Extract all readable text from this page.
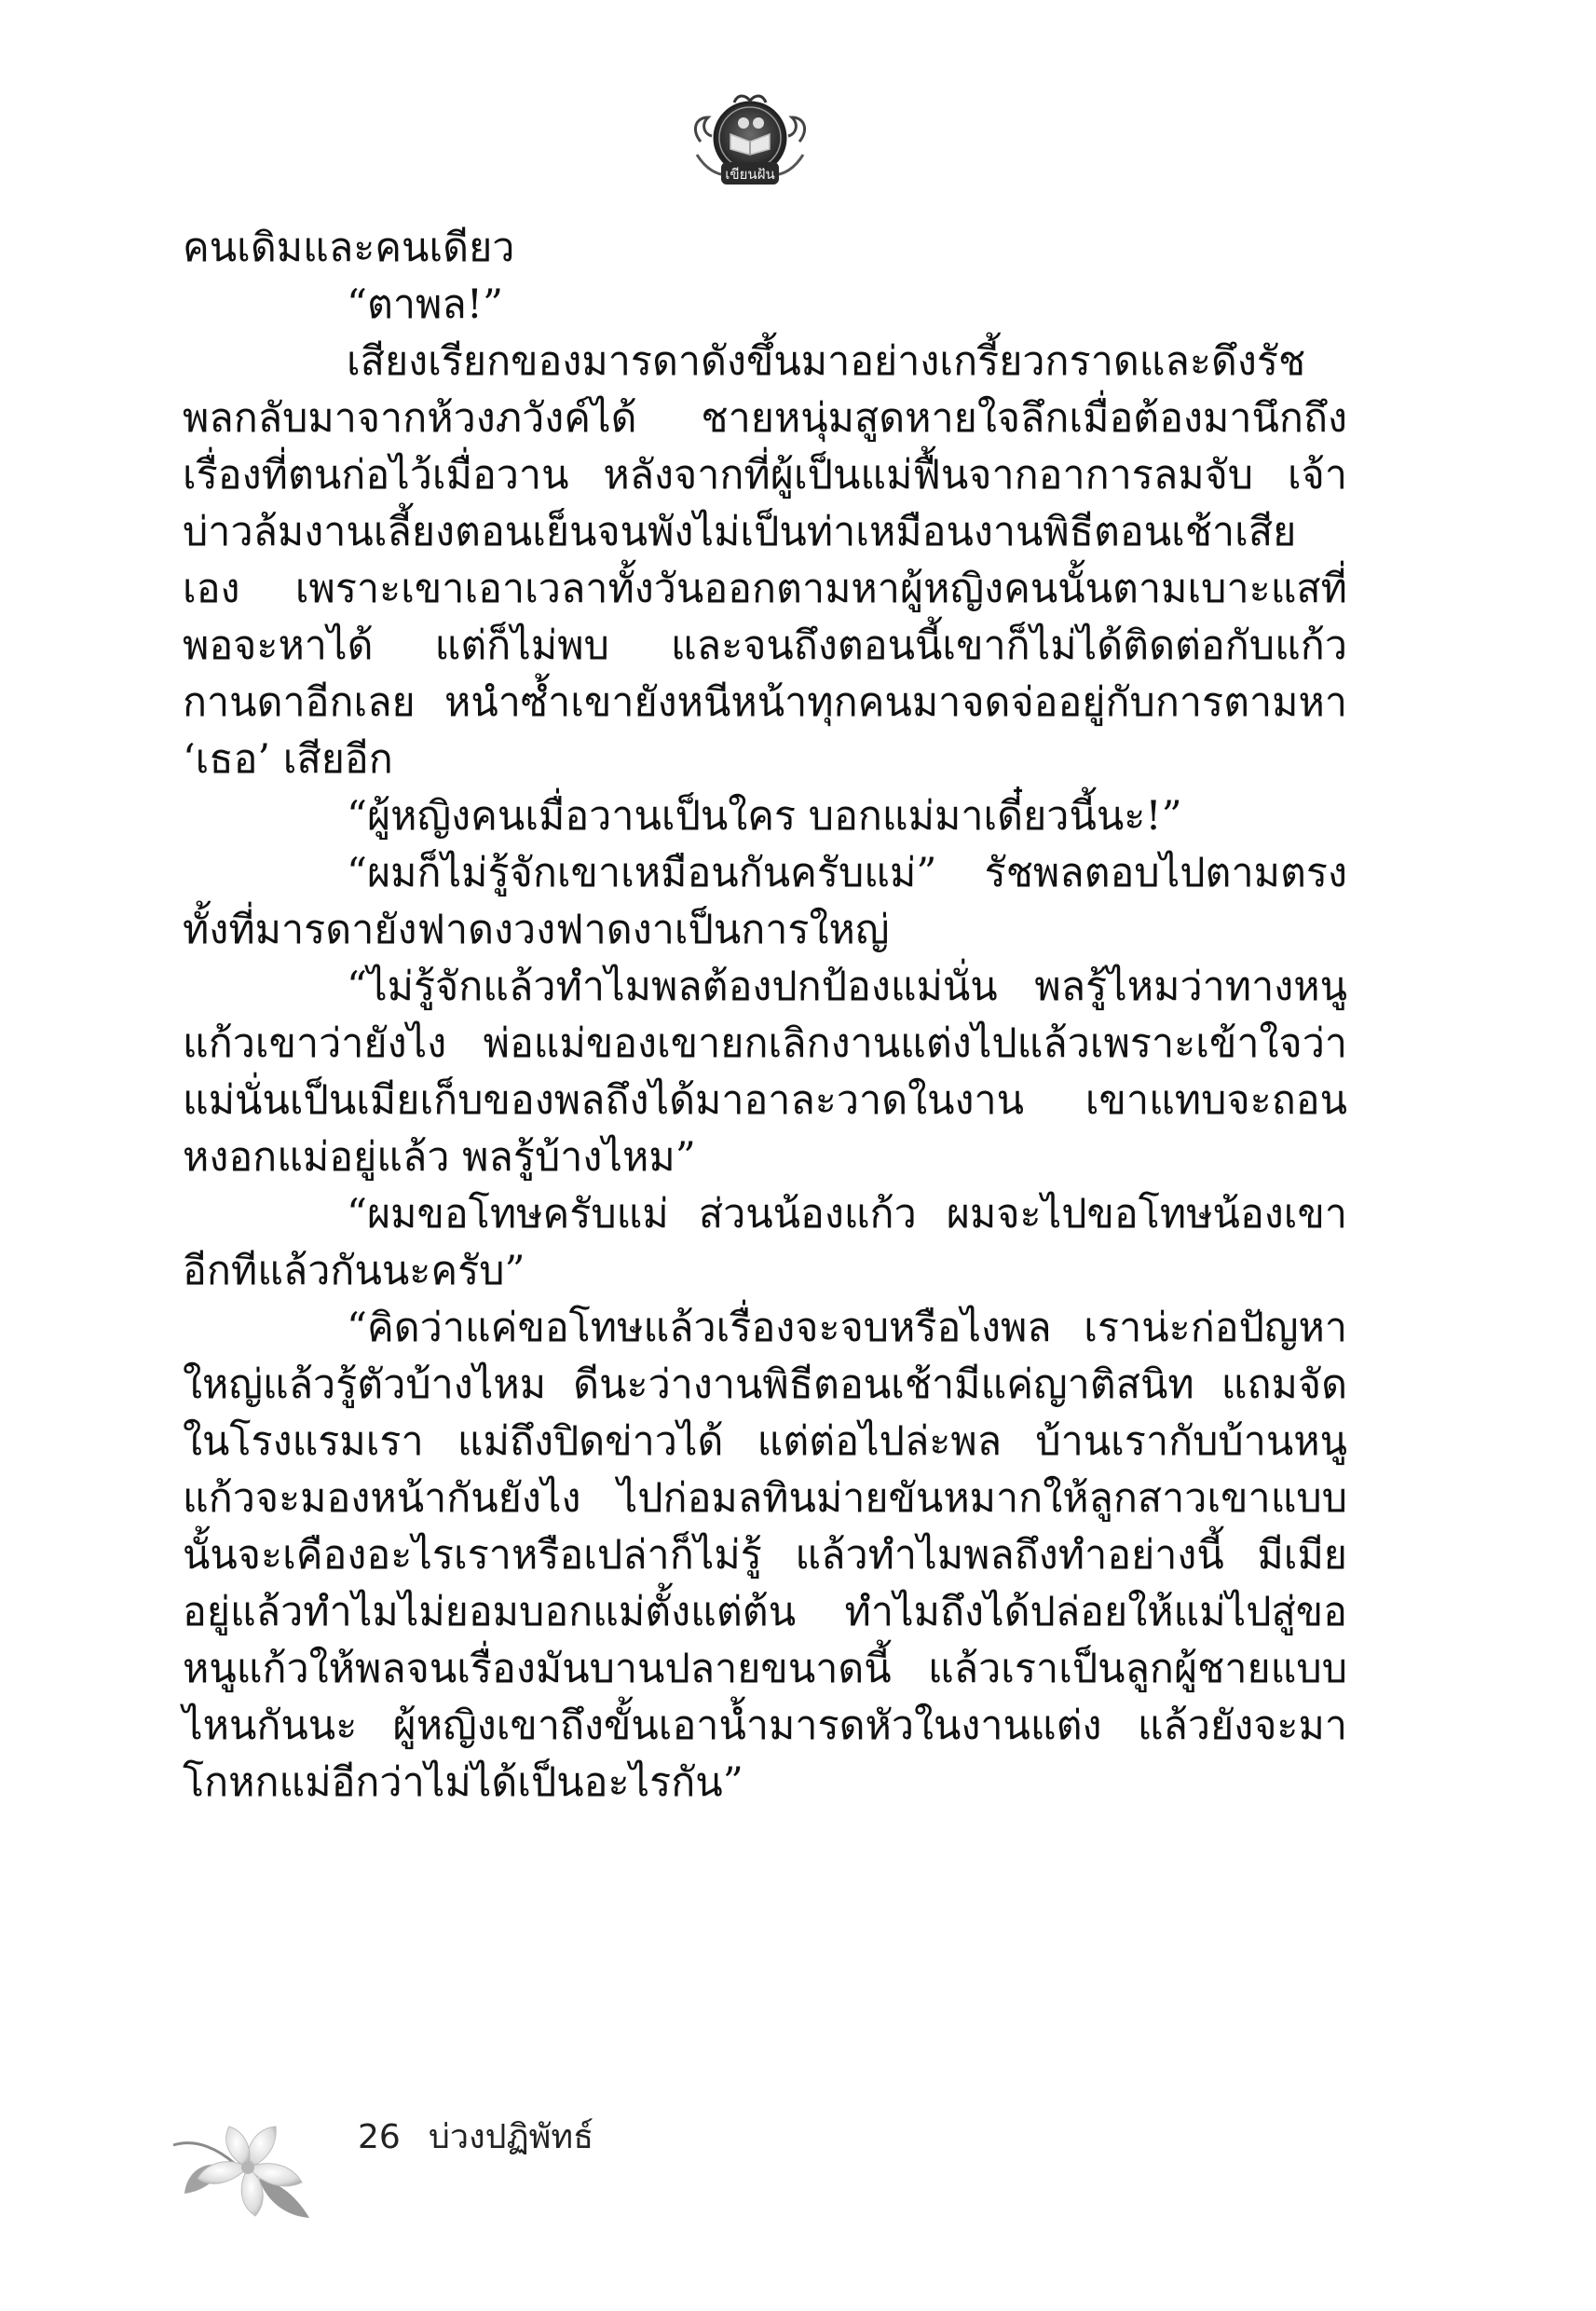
เขียนฝัน

คนเดิมและคนเดียว

“ตาพล!”

เสียงเรียกของมารดาดังขึ้นมาอย่างเกรี้ยวกราดและดึงรัชพลกลับมาจากห้วงภวังค์ได้ ชายหนุ่มสูดหายใจลึกเมื่อต้องมานึกถึงเรื่องที่ตนก่อไว้เมื่อวาน หลังจากที่ผู้เป็นแม่ฟื้นจากอาการลมจับ เจ้าบ่าวล้มงานเลี้ยงตอนเย็นจนพังไม่เป็นท่าเหมือนงานพิธีตอนเช้าเสียเอง เพราะเขาเอาเวลาทั้งวันออกตามหาผู้หญิงคนนั้นตามเบาะแสที่พอจะหาได้ แต่ก็ไม่พบ และจนถึงตอนนี้เขาก็ไม่ได้ติดต่อกับแก้วกานดาอีกเลย หนำซ้ำเขายังหนีหน้าทุกคนมาจดจ่ออยู่กับการตามหา ‘เธอ’ เสียอีก

“ผู้หญิงคนเมื่อวานเป็นใคร บอกแม่มาเดี๋ยวนี้นะ!”

“ผมก็ไม่รู้จักเขาเหมือนกันครับแม่” รัชพลตอบไปตามตรงทั้งที่มารดายังฟาดงวงฟาดงาเป็นการใหญ่

“ไม่รู้จักแล้วทำไมพลต้องปกป้องแม่นั่น พลรู้ไหมว่าทางหนูแก้วเขาว่ายังไง พ่อแม่ของเขายกเลิกงานแต่งไปแล้วเพราะเข้าใจว่าแม่นั่นเป็นเมียเก็บของพลถึงได้มาอาละวาดในงาน เขาแทบจะถอนหงอกแม่อยู่แล้ว พลรู้บ้างไหม”

“ผมขอโทษครับแม่ ส่วนน้องแก้ว ผมจะไปขอโทษน้องเขาอีกทีแล้วกันนะครับ”

“คิดว่าแค่ขอโทษแล้วเรื่องจะจบหรือไงพล เราน่ะก่อปัญหาใหญ่แล้วรู้ตัวบ้างไหม ดีนะว่างานพิธีตอนเช้ามีแค่ญาติสนิท แถมจัดในโรงแรมเรา แม่ถึงปิดข่าวได้ แต่ต่อไปล่ะพล บ้านเรากับบ้านหนูแก้วจะมองหน้ากันยังไง ไปก่อมลทินม่ายขันหมากให้ลูกสาวเขาแบบนั้นจะเคืองอะไรเราหรือเปล่าก็ไม่รู้ แล้วทำไมพลถึงทำอย่างนี้ มีเมียอยู่แล้วทำไมไม่ยอมบอกแม่ตั้งแต่ต้น ทำไมถึงได้ปล่อยให้แม่ไปสู่ขอหนูแก้วให้พลจนเรื่องมันบานปลายขนาดนี้ แล้วเราเป็นลูกผู้ชายแบบไหนกันนะ ผู้หญิงเขาถึงขั้นเอาน้ำมารดหัวในงานแต่ง แล้วยังจะมาโกหกแม่อีกว่าไม่ได้เป็นอะไรกัน”

26 บ่วงปฏิพัทธ์
